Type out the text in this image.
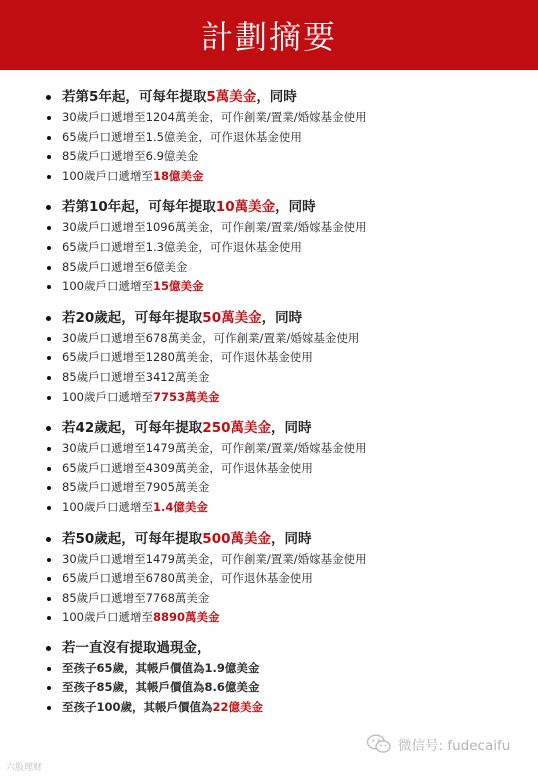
計劃摘要
若第5年起，可每年提取5萬美金，同時
30歲戶口遞增至1204萬美金，可作創業/置業/婚嫁基金使用
65歲戶口遞增至1.5億美金，可作退休基金使用
85歲戶口遞增至6.9億美金
100歲戶口遞增至18億美金
若第10年起，可每年提取10萬美金，同時
30歲戶口遞增至1096萬美金，可作創業/置業/婚嫁基金使用
65歲戶口遞增至1.3億美金，可作退休基金使用
85歲戶口遞增至6億美金
100歲戶口遞增至15億美金
若20歲起，可每年提取50萬美金，同時
30歲戶口遞增至678萬美金，可作創業/置業/婚嫁基金使用
65歲戶口遞增至1280萬美金，可作退休基金使用
85歲戶口遞增至3412萬美金
100歲戶口遞增至7753萬美金
若42歲起，可每年提取250萬美金，同時
30歲戶口遞增至1479萬美金，可作創業/置業/婚嫁基金使用
65歲戶口遞增至4309萬美金，可作退休基金使用
85歲戶口遞增至7905萬美金
100歲戶口遞增至1.4億美金
若50歲起，可每年提取500萬美金，同時
30歲戶口遞增至1479萬美金，可作創業/置業/婚嫁基金使用
65歲戶口遞增至6780萬美金，可作退休基金使用
85歲戶口遞增至7768萬美金
100歲戶口遞增至8890萬美金
若一直沒有提取過現金，
至孩子65歲，其帳戶價值為1.9億美金
至孩子85歲，其帳戶價值為8.6億美金
至孩子100歲，其帳戶價值為22億美金
六股理财
微信号: fudecaifu
